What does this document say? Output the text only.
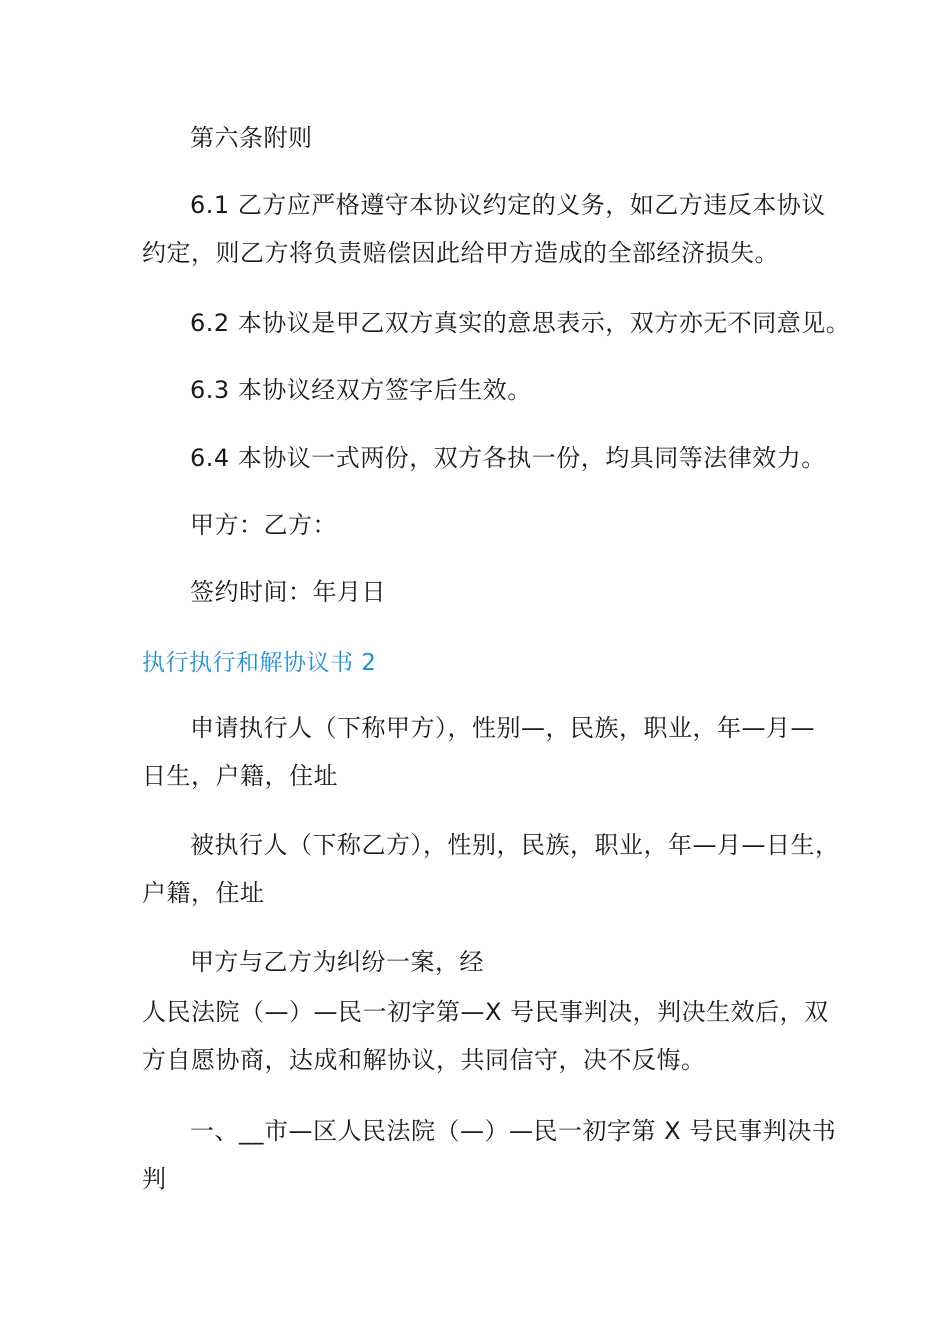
第六条附则
6.1 乙方应严格遵守本协议约定的义务，如乙方违反本协议
约定，则乙方将负责赔偿因此给甲方造成的全部经济损失。
6.2 本协议是甲乙双方真实的意思表示，双方亦无不同意见。
6.3 本协议经双方签字后生效。
6.4 本协议一式两份，双方各执一份，均具同等法律效力。
甲方：乙方：
签约时间：年月日
执行执行和解协议书 2
申请执行人（下称甲方），性别—，民族，职业，年—月—
日生，户籍，住址
被执行人（下称乙方），性别，民族，职业，年—月—日生，
户籍，住址
甲方与乙方为纠纷一案，经
人民法院（—）—民一初字第—X 号民事判决，判决生效后，双
方自愿协商，达成和解协议，共同信守，决不反悔。
一、__市—区人民法院（—）—民一初字第 X 号民事判决书
判
